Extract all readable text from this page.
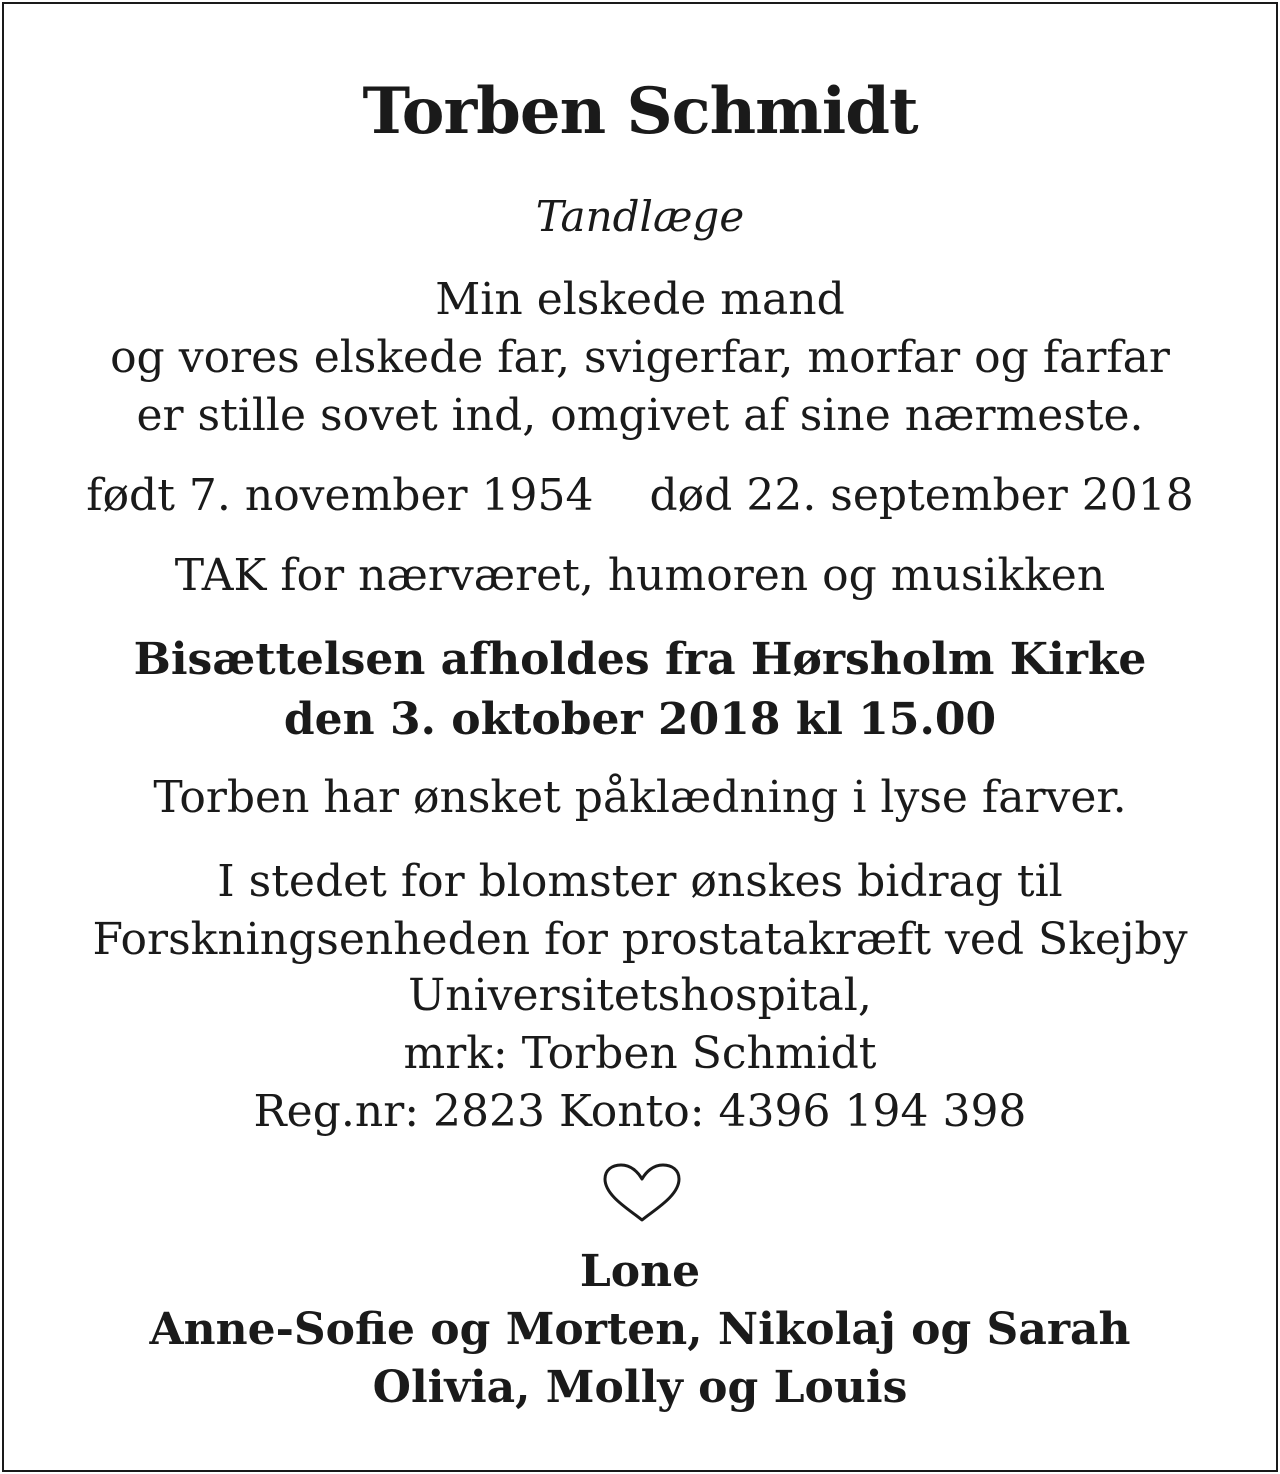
Torben Schmidt
Tandlæge
Min elskede mand
og vores elskede far, svigerfar, morfar og farfar
er stille sovet ind, omgivet af sine nærmeste.
født 7. november 1954 død 22. september 2018
TAK for nærværet, humoren og musikken
Bisættelsen afholdes fra Hørsholm Kirke
den 3. oktober 2018 kl 15.00
Torben har ønsket påklædning i lyse farver.
I stedet for blomster ønskes bidrag til
Forskningsenheden for prostatakræft ved Skejby
Universitetshospital,
mrk: Torben Schmidt
Reg.nr: 2823 Konto: 4396 194 398
Lone
Anne-Sofie og Morten, Nikolaj og Sarah
Olivia, Molly og Louis
